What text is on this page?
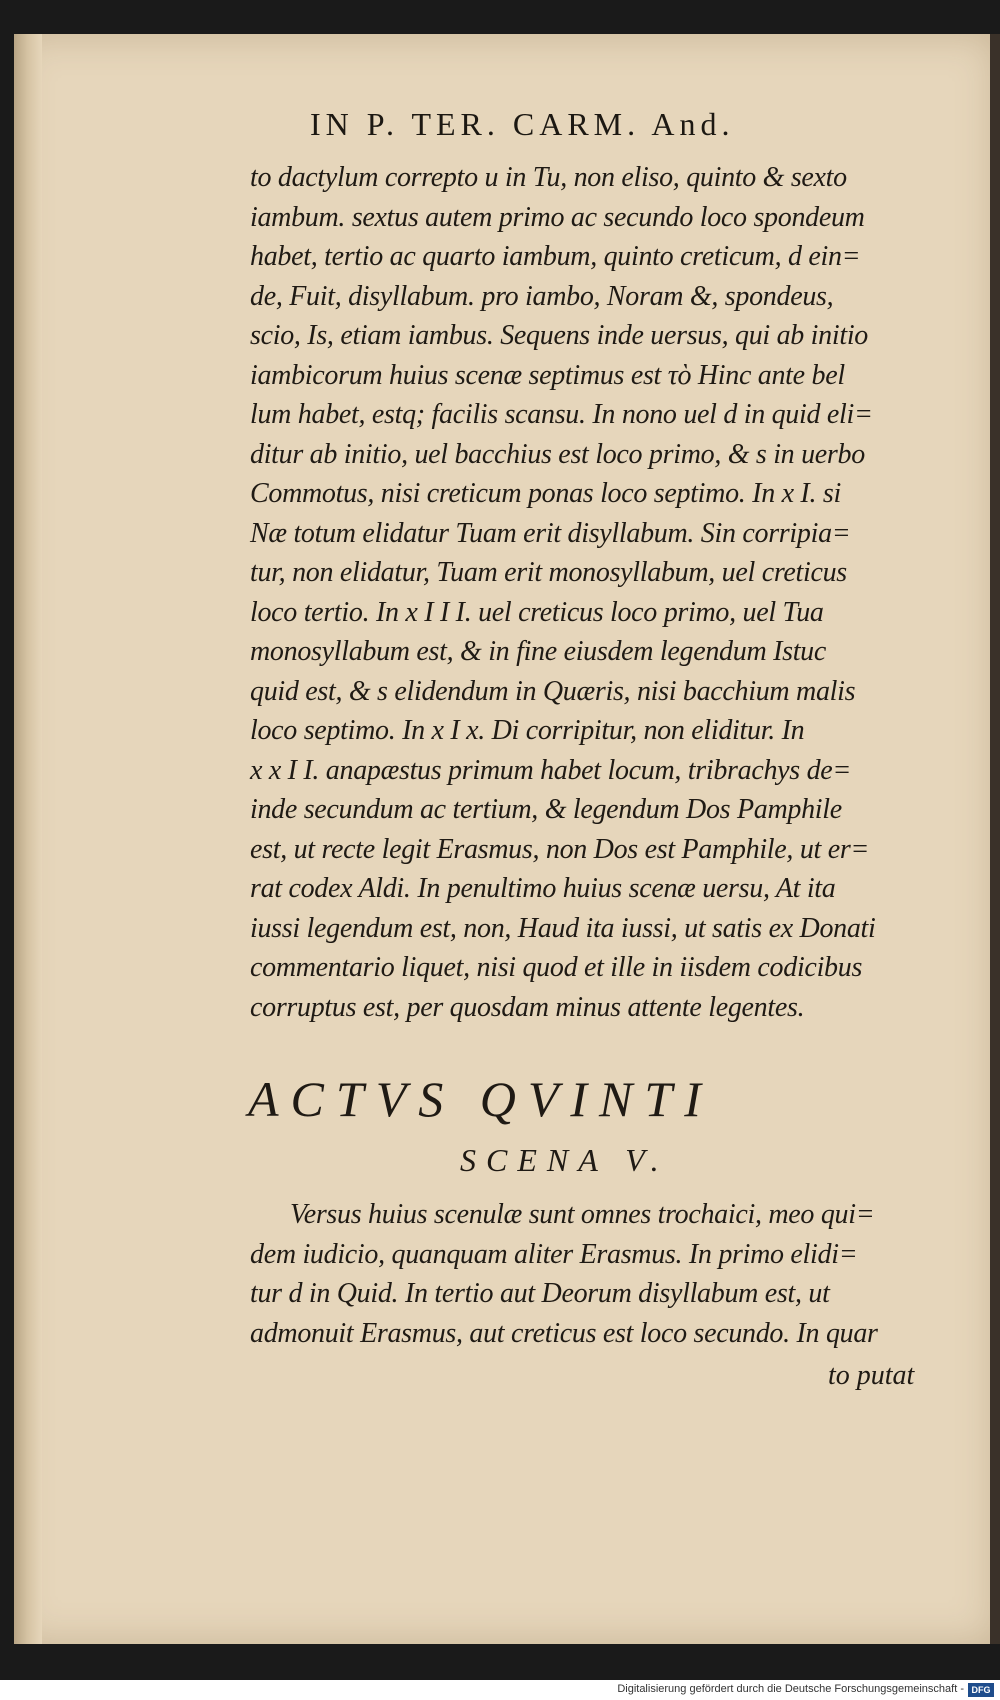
IN P. TER. CARM. And.
to dactylum correpto u in Tu, non eliso, quinto & sexto
iambum. sextus autem primo ac secundo loco spondeum
habet, tertio ac quarto iambum, quinto creticum, d ein=
de, Fuit, disyllabum. pro iambo, Noram &, spondeus,
scio, Is, etiam iambus. Sequens inde uersus, qui ab initio
iambicorum huius scenæ septimus est τὸ Hinc ante bel
lum habet, estq; facilis scansu. In nono uel d in quid eli=
ditur ab initio, uel bacchius est loco primo, & s in uerbo
Commotus, nisi creticum ponas loco septimo. In x I. si
Næ totum elidatur Tuam erit disyllabum. Sin corripia=
tur, non elidatur, Tuam erit monosyllabum, uel creticus
loco tertio. In x I I I. uel creticus loco primo, uel Tua
monosyllabum est, & in fine eiusdem legendum Istuc
quid est, & s elidendum in Quæris, nisi bacchium malis
loco septimo. In x I x. Di corripitur, non eliditur. In
x x I I. anapæstus primum habet locum, tribrachys de=
inde secundum ac tertium, & legendum Dos Pamphile
est, ut recte legit Erasmus, non Dos est Pamphile, ut er=
rat codex Aldi. In penultimo huius scenæ uersu, At ita
iussi legendum est, non, Haud ita iussi, ut satis ex Donati
commentario liquet, nisi quod et ille in iisdem codicibus
corruptus est, per quosdam minus attente legentes.
ACTVS QVINTI
SCENA V.
Versus huius scenulæ sunt omnes trochaici, meo qui=
dem iudicio, quanquam aliter Erasmus. In primo elidi=
tur d in Quid. In tertio aut Deorum disyllabum est, ut
admonuit Erasmus, aut creticus est loco secundo. In quar
to putat
Digitalisierung gefördert durch die Deutsche Forschungsgemeinschaft - DFG
